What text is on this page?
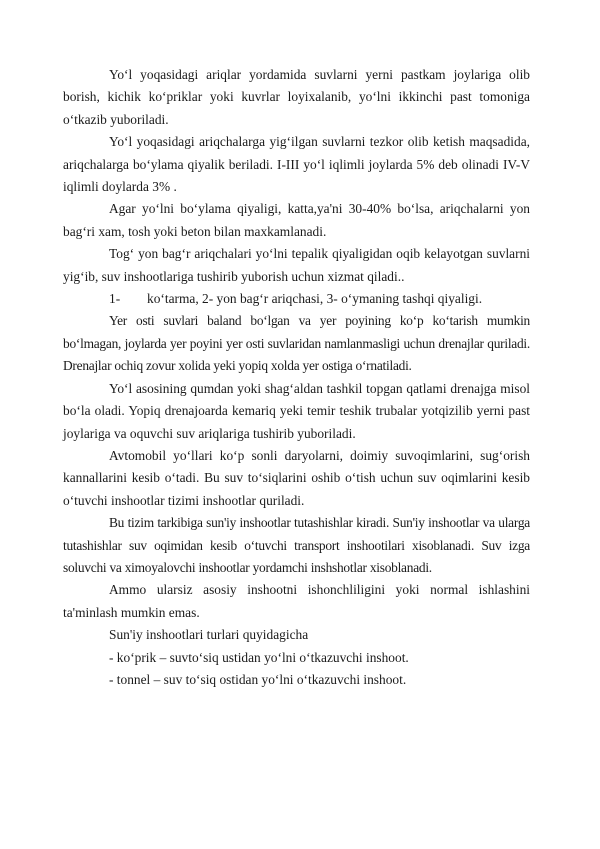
Yo‘l yoqasidagi ariqlar yordamida suvlarni yerni pastkam joylariga olib borish, kichik ko‘priklar yoki kuvrlar loyixalanib, yo‘lni ikkinchi past tomoniga o‘tkazib yuboriladi.

Yo‘l yoqasidagi ariqchalarga yig‘ilgan suvlarni tezkor olib ketish maqsadida, ariqchalarga bo‘ylama qiyalik beriladi. I-III yo‘l iqlimli joylarda 5% deb olinadi IV-V iqlimli doylarda 3% .

Agar yo‘lni bo‘ylama qiyaligi, katta,ya'ni 30-40% bo‘lsa, ariqchalarni yon bag‘ri xam, tosh yoki beton bilan maxkamlanadi.

Tog‘ yon bag‘r ariqchalari yo‘lni tepalik qiyaligidan oqib kelayotgan suvlarni yig‘ib, suv inshootlariga tushirib yuborish uchun xizmat qiladi..

1- ko‘tarma, 2- yon bag‘r ariqchasi, 3- o‘ymaning tashqi qiyaligi.

Yer osti suvlari baland bo‘lgan va yer poyining ko‘p ko‘tarish mumkin bo‘lmagan, joylarda yer poyini yer osti suvlaridan namlanmasligi uchun drenajlar quriladi. Drenajlar ochiq zovur xolida yeki yopiq xolda yer ostiga o‘rnatiladi.

Yo‘l asosining qumdan yoki shag‘aldan tashkil topgan qatlami drenajga misol bo‘la oladi. Yopiq drenajoarda kemariq yeki temir teshik trubalar yotqizilib yerni past joylariga va oquvchi suv ariqlariga tushirib yuboriladi.

Avtomobil yo‘llari ko‘p sonli daryolarni, doimiy suvoqimlarini, sug‘orish kannallarini kesib o‘tadi. Bu suv to‘siqlarini oshib o‘tish uchun suv oqimlarini kesib o‘tuvchi inshootlar tizimi inshootlar quriladi.

Bu tizim tarkibiga sun'iy inshootlar tutashishlar kiradi. Sun'iy inshootlar va ularga tutashishlar suv oqimidan kesib o‘tuvchi transport inshootilari xisoblanadi. Suv izga soluvchi va ximoyalovchi inshootlar yordamchi inshshotlar xisoblanadi.

Ammo ularsiz asosiy inshootni ishonchliligini yoki normal ishlashini ta'minlash mumkin emas.

Sun'iy inshootlari turlari quyidagicha

- ko‘prik – suvto‘siq ustidan yo‘lni o‘tkazuvchi inshoot.

- tonnel – suv to‘siq ostidan yo‘lni o‘tkazuvchi inshoot.
